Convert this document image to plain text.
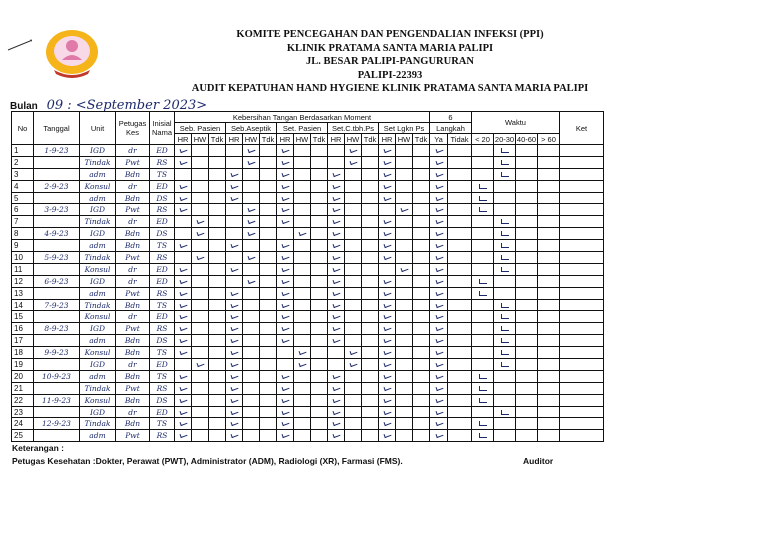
KOMITE PENCEGAHAN DAN PENGENDALIAN INFEKSI (PPI)
KLINIK PRATAMA SANTA MARIA PALIPI
JL. BESAR PALIPI-PANGURURAN
PALIPI-22393
AUDIT KEPATUHAN HAND HYGIENE KLINIK PRATAMA SANTA MARIA PALIPI
Bulan 09 : <September 2023>
No	Tanggal	Unit	Petugas Kes	Inisial Nama	Kebersihan Tangan Berdasarkan Moment															6		Waktu				Ket
					Seb. Pasien			Seb.Aseptik			Set. Pasien			Set.C.tbh.Ps			Set Lgkn Ps			Langkah						
					HR	HW	Tdk	HR	HW	Tdk	HR	HW	Tdk	HR	HW	Tdk	HR	HW	Tdk	Ya	Tidak	< 20	20-30	40-60	> 60	
1	1-9-23	IGD	dr	ED																						
2		Tindak	Pwt	RS																						
3		adm	Bdn	TS																						
4	2-9-23	Konsul	dr	ED																						
5		adm	Bdn	DS																						
6	3-9-23	IGD	Pwt	RS																						
7		Tindak	dr	ED																						
8	4-9-23	IGD	Bdn	DS																						
9		adm	Bdn	TS																						
10	5-9-23	Tindak	Pwt	RS																						
11		Konsul	dr	ED																						
12	6-9-23	IGD	dr	ED																						
13		adm	Pwt	RS																						
14	7-9-23	Tindak	Bdn	TS																						
15		Konsul	dr	ED																						
16	8-9-23	IGD	Pwt	RS																						
17		adm	Bdn	DS																						
18	9-9-23	Konsul	Bdn	TS																						
19		IGD	dr	ED																						
20	10-9-23	adm	Bdn	TS																						
21		Tindak	Pwt	RS																						
22	11-9-23	Konsul	Bdn	DS																						
23		IGD	dr	ED																						
24	12-9-23	Tindak	Bdn	TS																						
25		adm	Pwt	RS																						
Keterangan :
Petugas Kesehatan :Dokter, Perawat (PWT), Administrator (ADM), Radiologi (XR), Farmasi (FMS).	Auditor
